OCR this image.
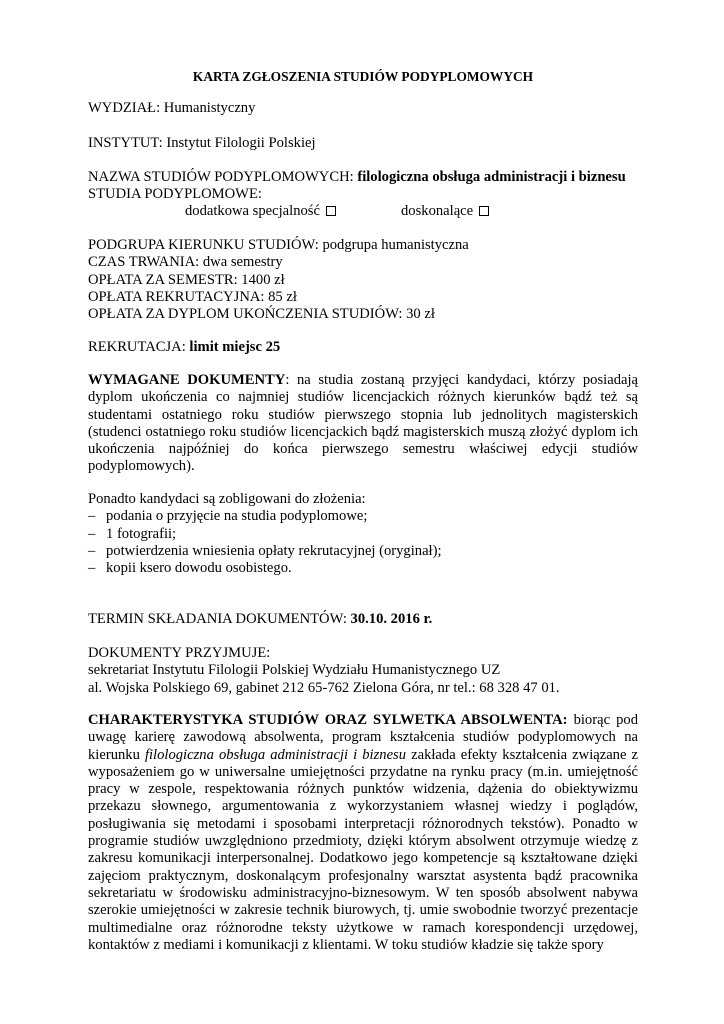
KARTA ZGŁOSZENIA STUDIÓW PODYPLOMOWYCH
WYDZIAŁ: Humanistyczny
INSTYTUT: Instytut Filologii Polskiej
NAZWA STUDIÓW PODYPLOMOWYCH: filologiczna obsługa administracji i biznesu
STUDIA PODYPLOMOWE:
dodatkowa specjalność	doskonalące
PODGRUPA KIERUNKU STUDIÓW: podgrupa humanistyczna
CZAS TRWANIA: dwa semestry
OPŁATA ZA SEMESTR: 1400 zł
OPŁATA REKRUTACYJNA: 85 zł
OPŁATA ZA DYPLOM UKOŃCZENIA STUDIÓW: 30 zł
REKRUTACJA: limit miejsc 25
WYMAGANE DOKUMENTY: na studia zostaną przyjęci kandydaci, którzy posiadają dyplom ukończenia co najmniej studiów licencjackich różnych kierunków bądź też są studentami ostatniego roku studiów pierwszego stopnia lub jednolitych magisterskich (studenci ostatniego roku studiów licencjackich bądź magisterskich muszą złożyć dyplom ich ukończenia najpóźniej do końca pierwszego semestru właściwej edycji studiów podyplomowych).
Ponadto kandydaci są zobligowani do złożenia:
– podania o przyjęcie na studia podyplomowe;
– 1 fotografii;
– potwierdzenia wniesienia opłaty rekrutacyjnej (oryginał);
– kopii ksero dowodu osobistego.
TERMIN SKŁADANIA DOKUMENTÓW: 30.10. 2016 r.
DOKUMENTY PRZYJMUJE:
sekretariat Instytutu Filologii Polskiej Wydziału Humanistycznego UZ
al. Wojska Polskiego 69, gabinet 212 65-762 Zielona Góra, nr tel.: 68 328 47 01.
CHARAKTERYSTYKA STUDIÓW ORAZ SYLWETKA ABSOLWENTA: biorąc pod uwagę karierę zawodową absolwenta, program kształcenia studiów podyplomowych na kierunku filologiczna obsługa administracji i biznesu zakłada efekty kształcenia związane z wyposażeniem go w uniwersalne umiejętności przydatne na rynku pracy (m.in. umiejętność pracy w zespole, respektowania różnych punktów widzenia, dążenia do obiektywizmu przekazu słownego, argumentowania z wykorzystaniem własnej wiedzy i poglądów, posługiwania się metodami i sposobami interpretacji różnorodnych tekstów). Ponadto w programie studiów uwzględniono przedmioty, dzięki którym absolwent otrzymuje wiedzę z zakresu komunikacji interpersonalnej. Dodatkowo jego kompetencje są kształtowane dzięki zajęciom praktycznym, doskonalącym profesjonalny warsztat asystenta bądź pracownika sekretariatu w środowisku administracyjno-biznesowym. W ten sposób absolwent nabywa szerokie umiejętności w zakresie technik biurowych, tj. umie swobodnie tworzyć prezentacje multimedialne oraz różnorodne teksty użytkowe w ramach korespondencji urzędowej, kontaktów z mediami i komunikacji z klientami. W toku studiów kładzie się także spory
